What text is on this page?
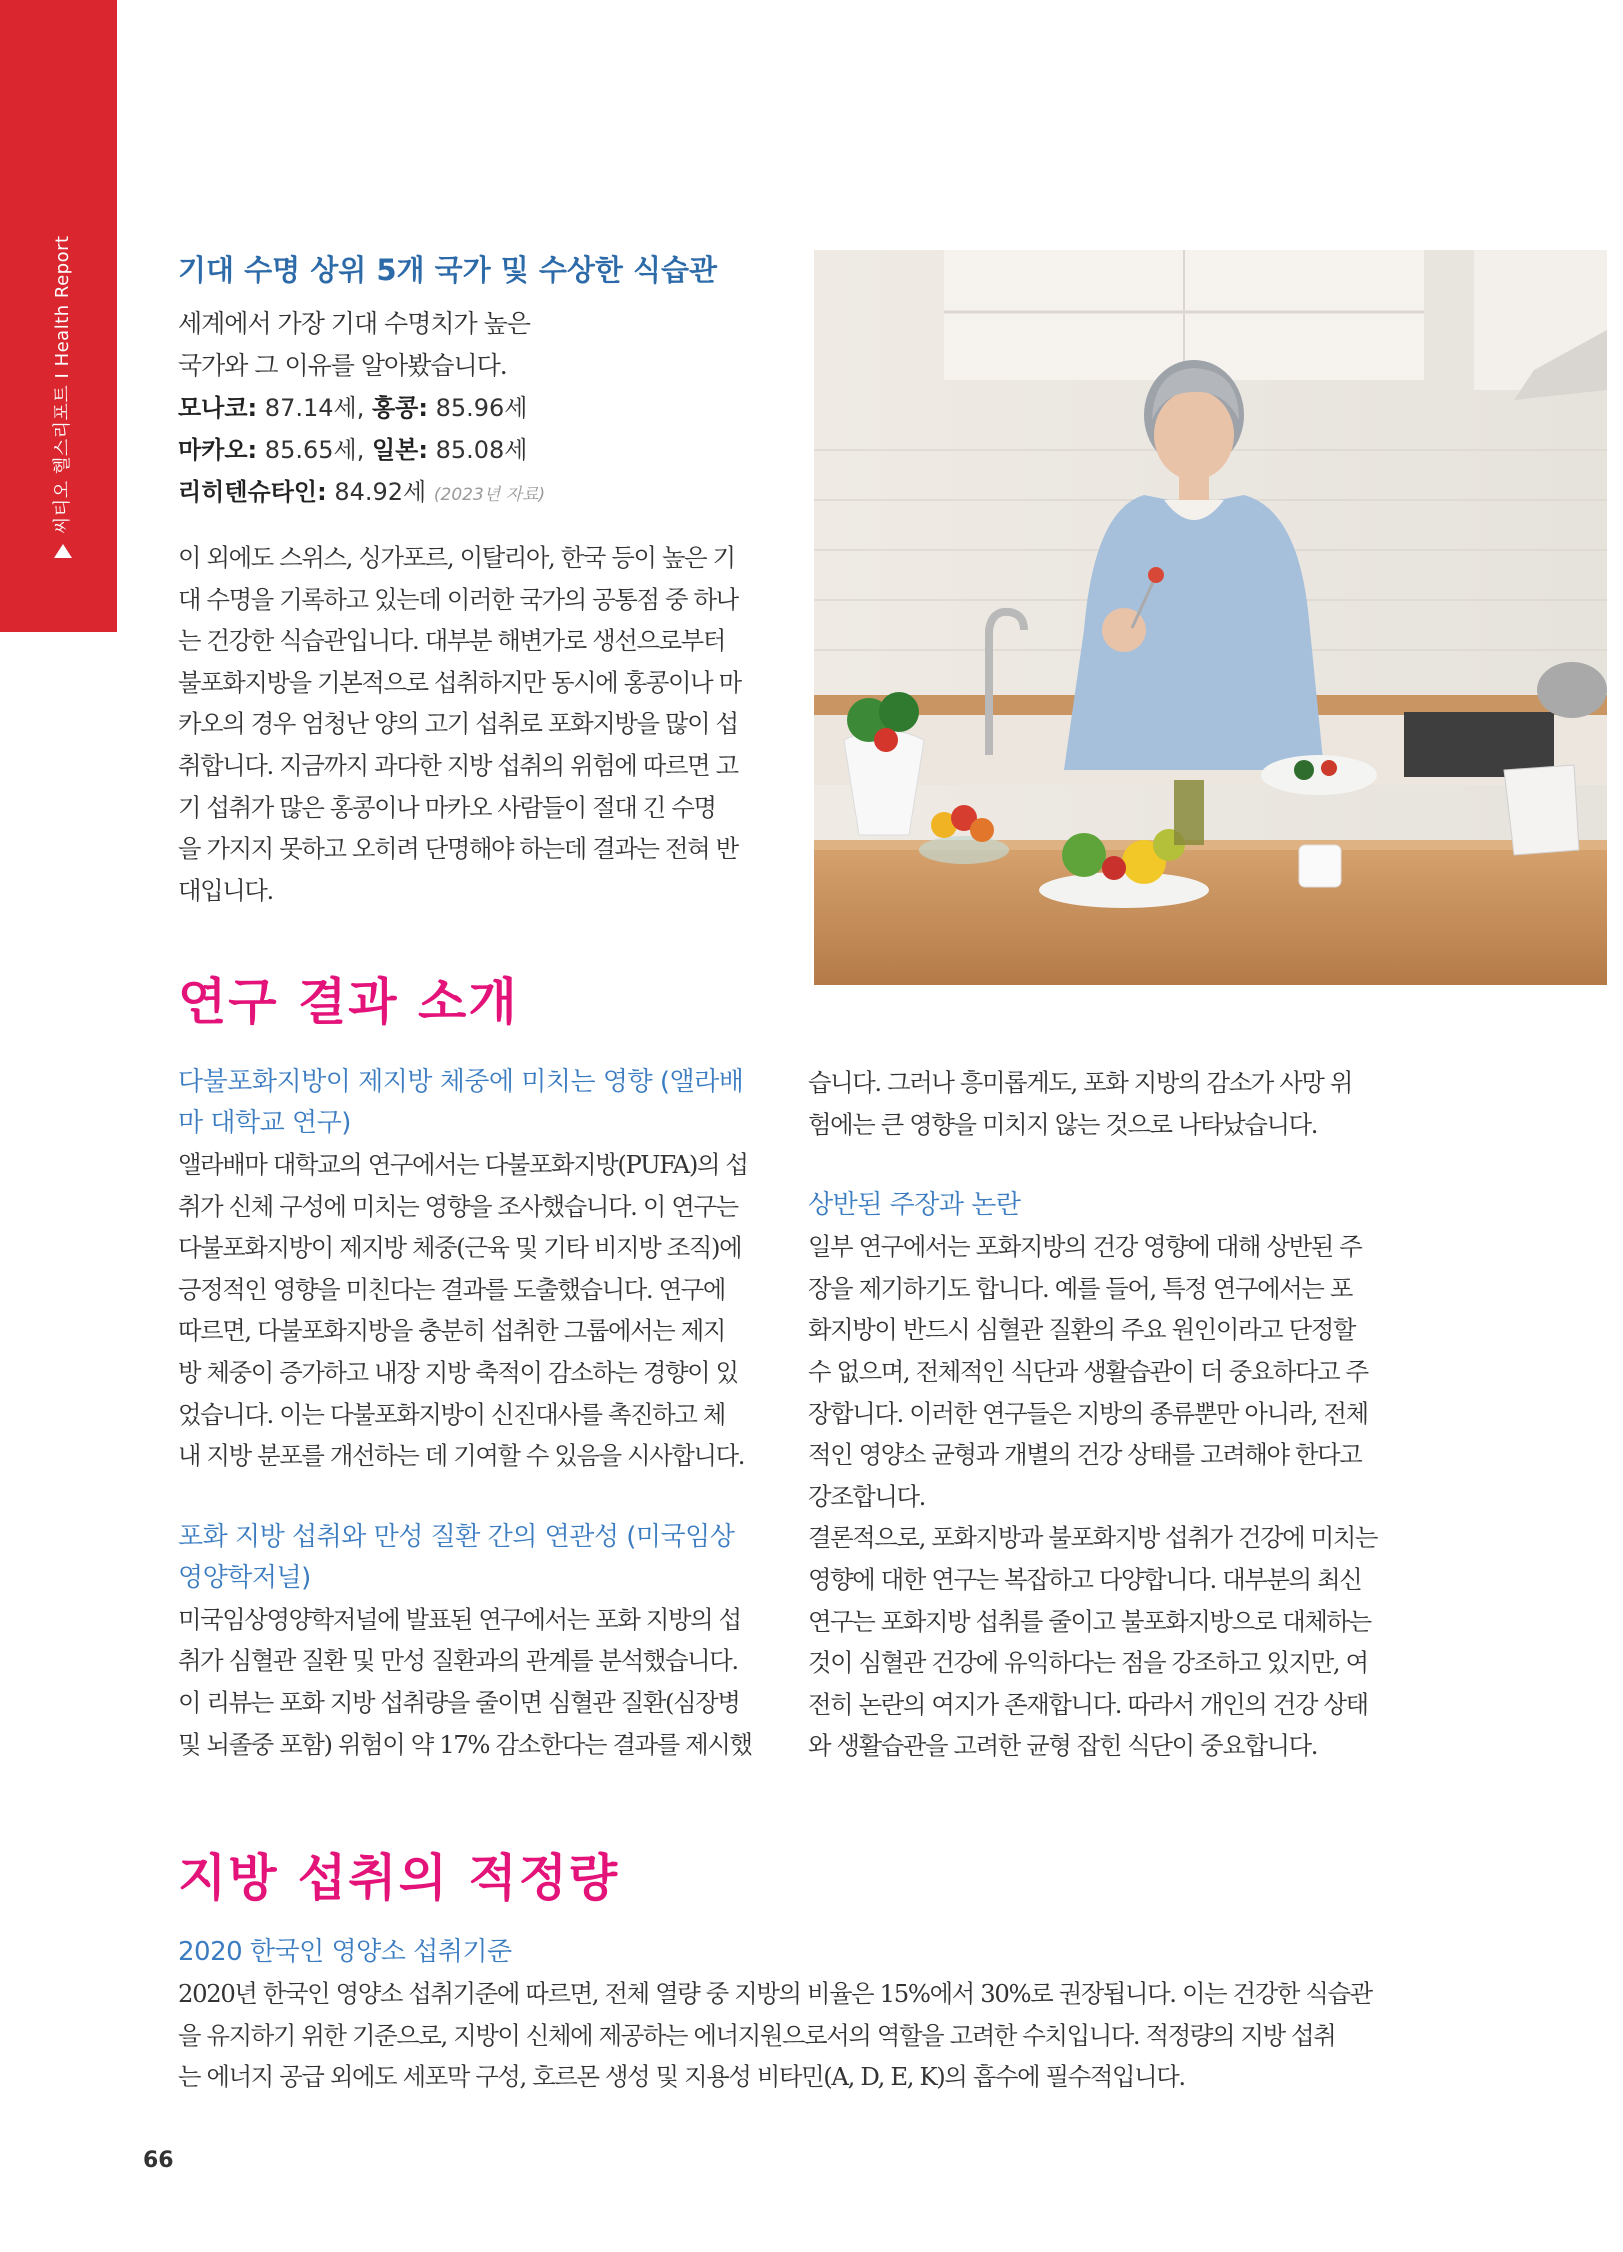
씨티오 헬스리포트 I Health Report	기대 수명 상위 5개 국가 및 수상한 식습관
세계에서 가장 기대 수명치가 높은
국가와 그 이유를 알아봤습니다.
모나코: 87.14세, 홍콩: 85.96세
마카오: 85.65세, 일본: 85.08세
리히텐슈타인: 84.92세 (2023년 자료)
이 외에도 스위스, 싱가포르, 이탈리아, 한국 등이 높은 기
대 수명을 기록하고 있는데 이러한 국가의 공통점 중 하나
는 건강한 식습관입니다. 대부분 해변가로 생선으로부터
불포화지방을 기본적으로 섭취하지만 동시에 홍콩이나 마
카오의 경우 엄청난 양의 고기 섭취로 포화지방을 많이 섭
취합니다. 지금까지 과다한 지방 섭취의 위험에 따르면 고
기 섭취가 많은 홍콩이나 마카오 사람들이 절대 긴 수명
을 가지지 못하고 오히려 단명해야 하는데 결과는 전혀 반
대입니다.
연구 결과 소개
다불포화지방이 제지방 체중에 미치는 영향 (앨라배
마 대학교 연구)
앨라배마 대학교의 연구에서는 다불포화지방(PUFA)의 섭
취가 신체 구성에 미치는 영향을 조사했습니다. 이 연구는
다불포화지방이 제지방 체중(근육 및 기타 비지방 조직)에
긍정적인 영향을 미친다는 결과를 도출했습니다. 연구에
따르면, 다불포화지방을 충분히 섭취한 그룹에서는 제지
방 체중이 증가하고 내장 지방 축적이 감소하는 경향이 있
었습니다. 이는 다불포화지방이 신진대사를 촉진하고 체
내 지방 분포를 개선하는 데 기여할 수 있음을 시사합니다.
포화 지방 섭취와 만성 질환 간의 연관성 (미국임상
영양학저널)
미국임상영양학저널에 발표된 연구에서는 포화 지방의 섭
취가 심혈관 질환 및 만성 질환과의 관계를 분석했습니다.
이 리뷰는 포화 지방 섭취량을 줄이면 심혈관 질환(심장병
및 뇌졸중 포함) 위험이 약 17% 감소한다는 결과를 제시했
습니다. 그러나 흥미롭게도, 포화 지방의 감소가 사망 위
험에는 큰 영향을 미치지 않는 것으로 나타났습니다.
상반된 주장과 논란
일부 연구에서는 포화지방의 건강 영향에 대해 상반된 주
장을 제기하기도 합니다. 예를 들어, 특정 연구에서는 포
화지방이 반드시 심혈관 질환의 주요 원인이라고 단정할
수 없으며, 전체적인 식단과 생활습관이 더 중요하다고 주
장합니다. 이러한 연구들은 지방의 종류뿐만 아니라, 전체
적인 영양소 균형과 개별의 건강 상태를 고려해야 한다고
강조합니다.
결론적으로, 포화지방과 불포화지방 섭취가 건강에 미치는
영향에 대한 연구는 복잡하고 다양합니다. 대부분의 최신
연구는 포화지방 섭취를 줄이고 불포화지방으로 대체하는
것이 심혈관 건강에 유익하다는 점을 강조하고 있지만, 여
전히 논란의 여지가 존재합니다. 따라서 개인의 건강 상태
와 생활습관을 고려한 균형 잡힌 식단이 중요합니다.
지방 섭취의 적정량
2020 한국인 영양소 섭취기준
2020년 한국인 영양소 섭취기준에 따르면, 전체 열량 중 지방의 비율은 15%에서 30%로 권장됩니다. 이는 건강한 식습관
을 유지하기 위한 기준으로, 지방이 신체에 제공하는 에너지원으로서의 역할을 고려한 수치입니다. 적정량의 지방 섭취
는 에너지 공급 외에도 세포막 구성, 호르몬 생성 및 지용성 비타민(A, D, E, K)의 흡수에 필수적입니다.
66
